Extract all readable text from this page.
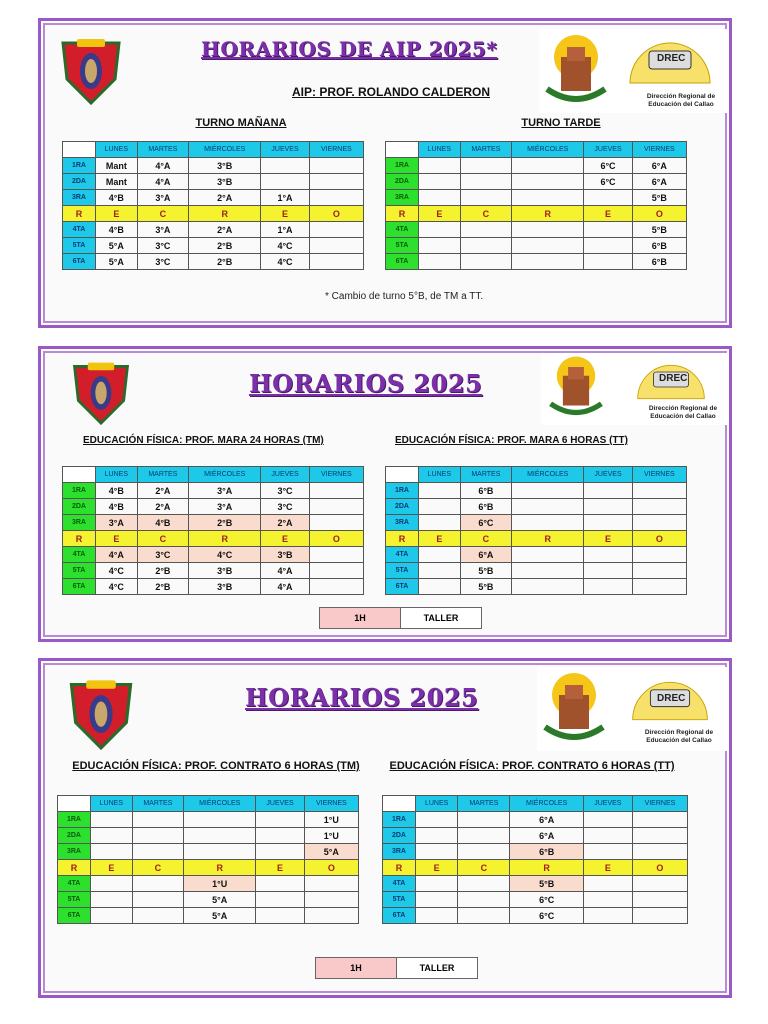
HORARIOS DE AIP 2025*
AIP: PROF. ROLANDO CALDERON
DREC
Dirección Regional de Educación del Callao
TURNO MAÑANA	TURNO TARDE
* Cambio de turno 5°B, de TM a TT.
HORARIOS 2025	DREC
Dirección Regional de Educación del Callao
EDUCACIÓN FÍSICA: PROF. MARA 24 HORAS (TM)	EDUCACIÓN FÍSICA: PROF. MARA 6 HORAS (TT)
1H	TALLER
HORARIOS 2025	DREC
Dirección Regional de Educación del Callao
EDUCACIÓN FÍSICA: PROF. CONTRATO 6 HORAS (TM)	EDUCACIÓN FÍSICA: PROF. CONTRATO 6 HORAS (TT)
1H	TALLER
	LUNES	MARTES	MIÉRCOLES	JUEVES	VIERNES
1RA	Mant	4°A	3°B		
2DA	Mant	4°A	3°B		
3RA	4°B	3°A	2°A	1°A	
R	E	C	R	E	O
4TA	4°B	3°A	2°A	1°A	
5TA	5°A	3°C	2°B	4°C	
6TA	5°A	3°C	2°B	4°C	
	LUNES	MARTES	MIÉRCOLES	JUEVES	VIERNES
1RA				6°C	6°A
2DA				6°C	6°A
3RA					5°B
R	E	C	R	E	O
4TA					5°B
5TA					6°B
6TA					6°B
	LUNES	MARTES	MIÉRCOLES	JUEVES	VIERNES
1RA	4°B	2°A	3°A	3°C	
2DA	4°B	2°A	3°A	3°C	
3RA	3°A	4°B	2°B	2°A	
R	E	C	R	E	O
4TA	4°A	3°C	4°C	3°B	
5TA	4°C	2°B	3°B	4°A	
6TA	4°C	2°B	3°B	4°A	
	LUNES	MARTES	MIÉRCOLES	JUEVES	VIERNES
1RA		6°B			
2DA		6°B			
3RA		6°C			
R	E	C	R	E	O
4TA		6°A			
5TA		5°B			
6TA		5°B			
	LUNES	MARTES	MIÉRCOLES	JUEVES	VIERNES
1RA					1°U
2DA					1°U
3RA					5°A
R	E	C	R	E	O
4TA			1°U		
5TA			5°A		
6TA			5°A		
	LUNES	MARTES	MIÉRCOLES	JUEVES	VIERNES
1RA			6°A		
2DA			6°A		
3RA			6°B		
R	E	C	R	E	O
4TA			5°B		
5TA			6°C		
6TA			6°C		
